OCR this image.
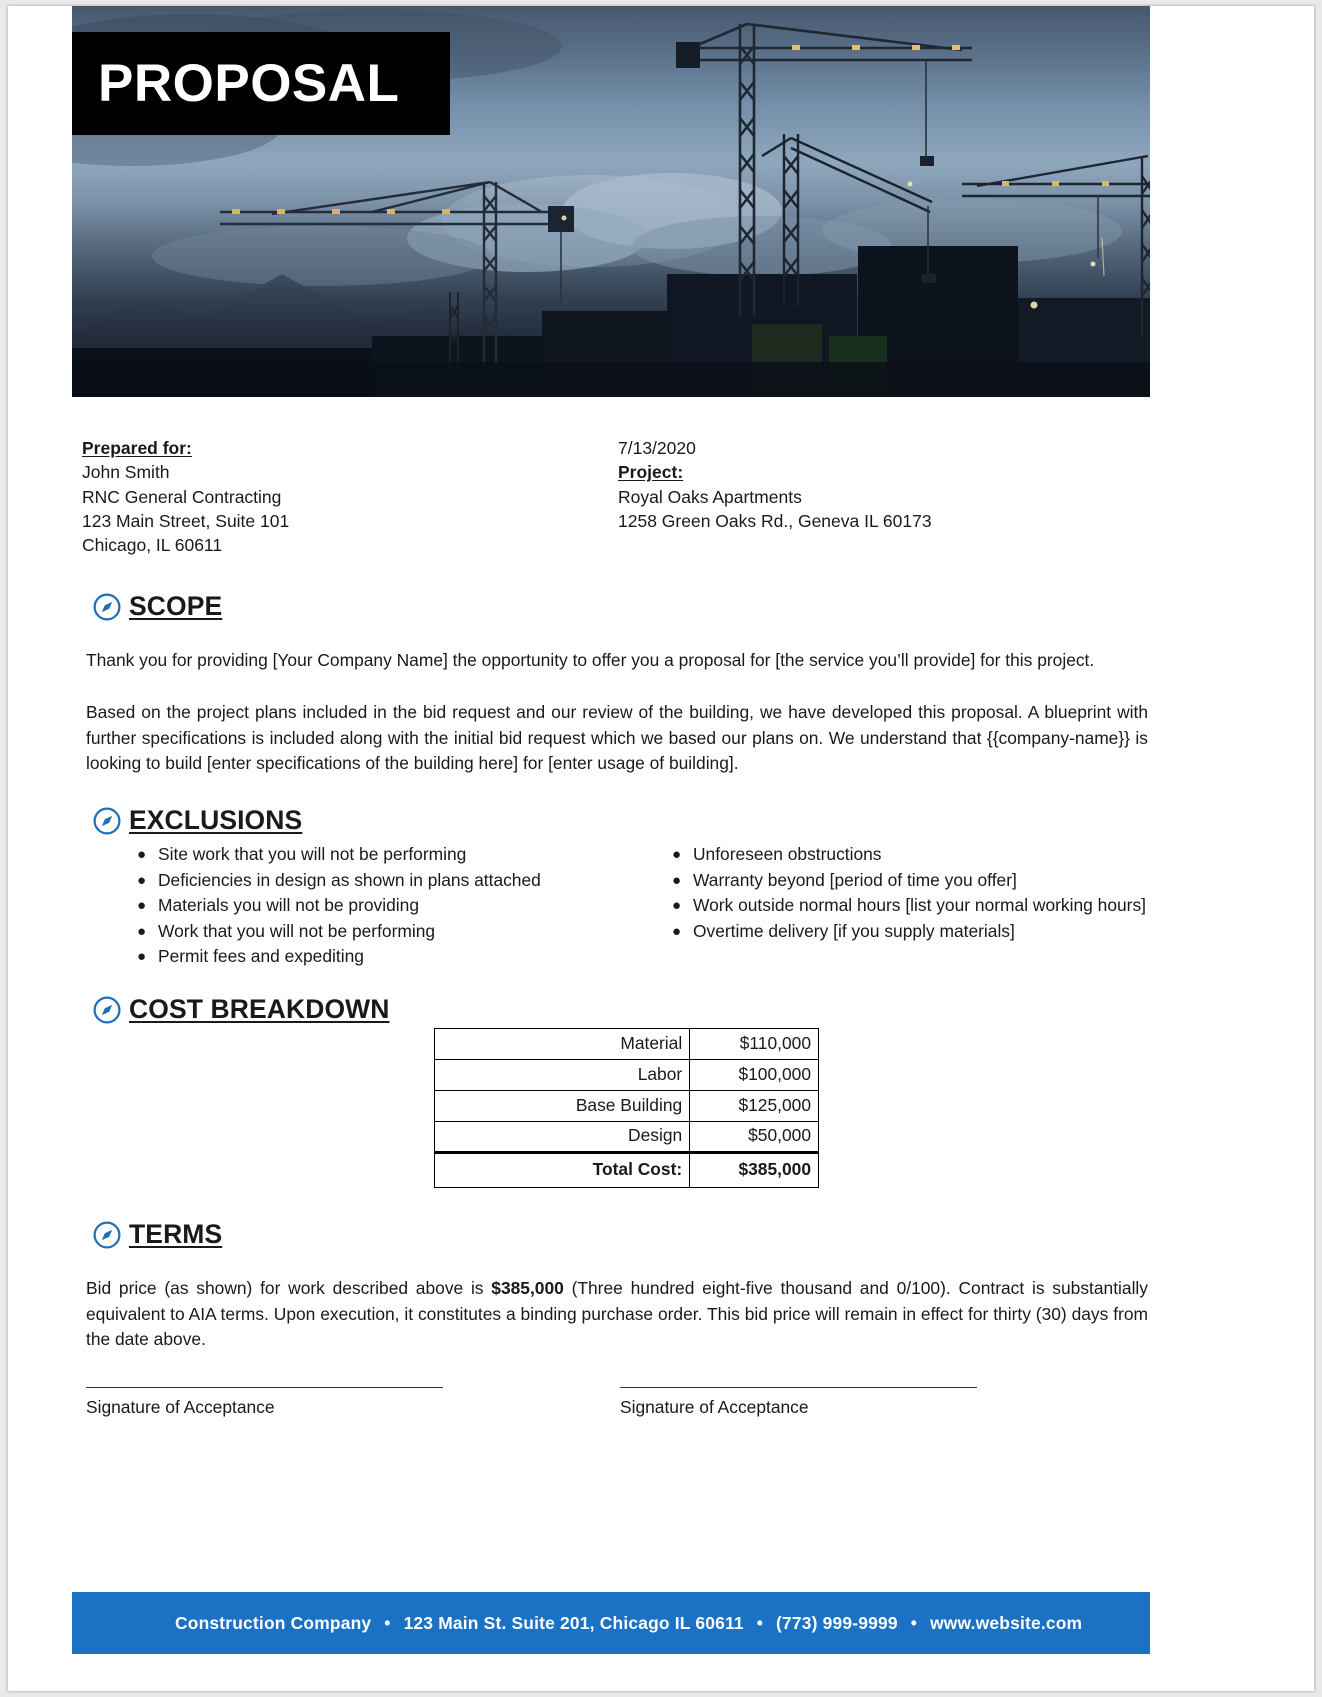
PROPOSAL
Prepared for:
John Smith
RNC General Contracting
123 Main Street, Suite 101
Chicago, IL 60611
7/13/2020
Project:
Royal Oaks Apartments
1258 Green Oaks Rd., Geneva IL 60173
SCOPE
Thank you for providing [Your Company Name] the opportunity to offer you a proposal for [the service you’ll provide] for this project.
Based on the project plans included in the bid request and our review of the building, we have developed this proposal. A blueprint with further specifications is included along with the initial bid request which we based our plans on. We understand that {{company-name}} is looking to build [enter specifications of the building here] for [enter usage of building].
EXCLUSIONS
● Site work that you will not be performing
● Deficiencies in design as shown in plans attached
● Materials you will not be providing
● Work that you will not be performing
● Permit fees and expediting
● Unforeseen obstructions
● Warranty beyond [period of time you offer]
● Work outside normal hours [list your normal working hours]
● Overtime delivery [if you supply materials]
COST BREAKDOWN
Material	$110,000
Labor	$100,000
Base Building	$125,000
Design	$50,000
Total Cost:	$385,000
TERMS
Bid price (as shown) for work described above is $385,000 (Three hundred eight-five thousand and 0/100). Contract is substantially equivalent to AIA terms. Upon execution, it constitutes a binding purchase order. This bid price will remain in effect for thirty (30) days from the date above.
Signature of Acceptance	Signature of Acceptance
Construction Company • 123 Main St. Suite 201, Chicago IL 60611 • (773) 999-9999 • www.website.com
